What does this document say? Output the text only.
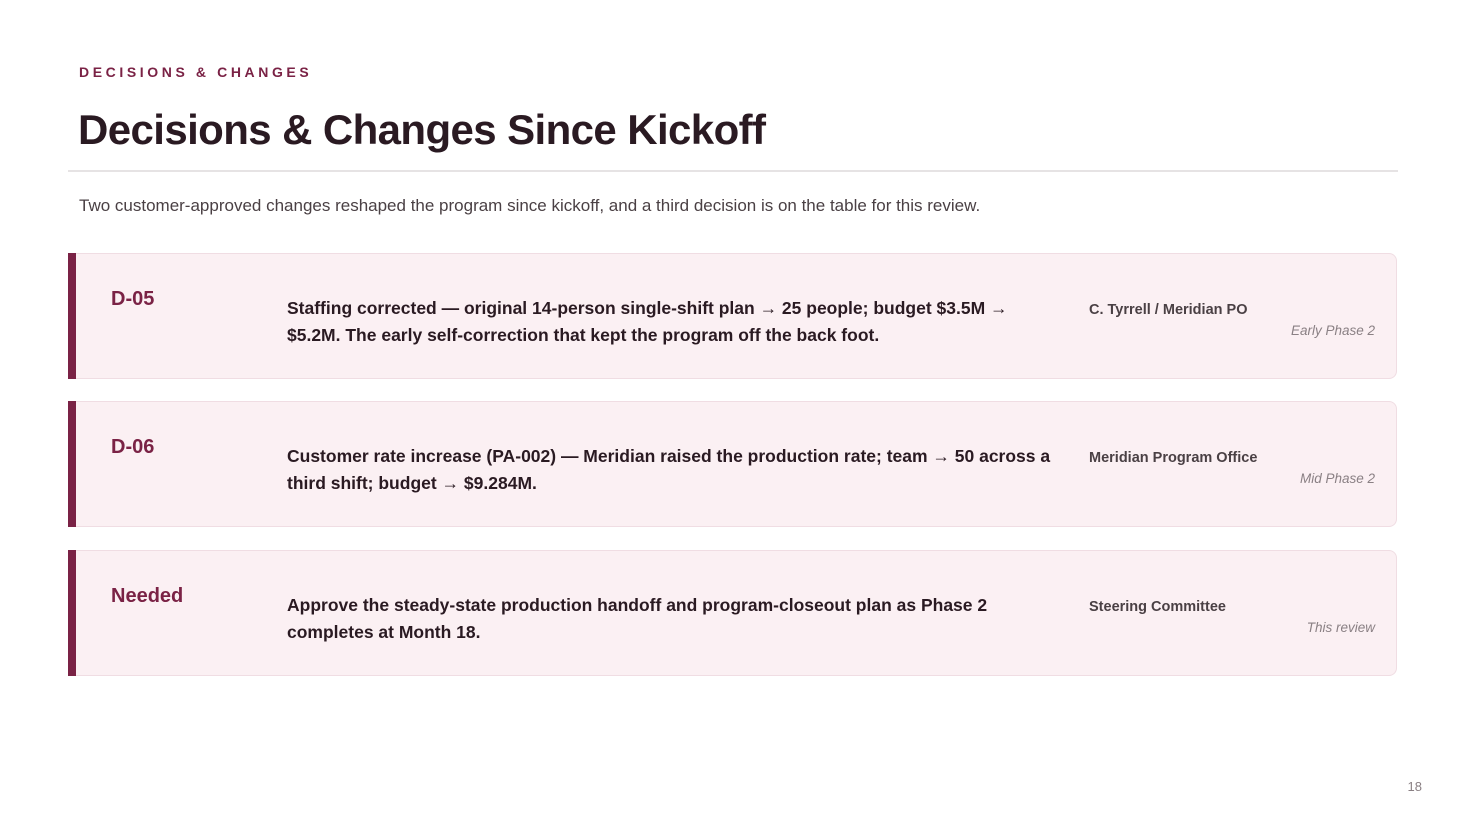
DECISIONS & CHANGES
Decisions & Changes Since Kickoff
Two customer-approved changes reshaped the program since kickoff, and a third decision is on the table for this review.
D-05	Staffing corrected — original 14-person single-shift plan → 25 people; budget $3.5M → $5.2M. The early self-correction that kept the program off the back foot.
C. Tyrrell / Meridian PO
Early Phase 2
D-06	Customer rate increase (PA-002) — Meridian raised the production rate; team → 50 across a third shift; budget → $9.284M.
Meridian Program Office
Mid Phase 2
Needed	Approve the steady-state production handoff and program-closeout plan as Phase 2 completes at Month 18.
Steering Committee
This review
18
